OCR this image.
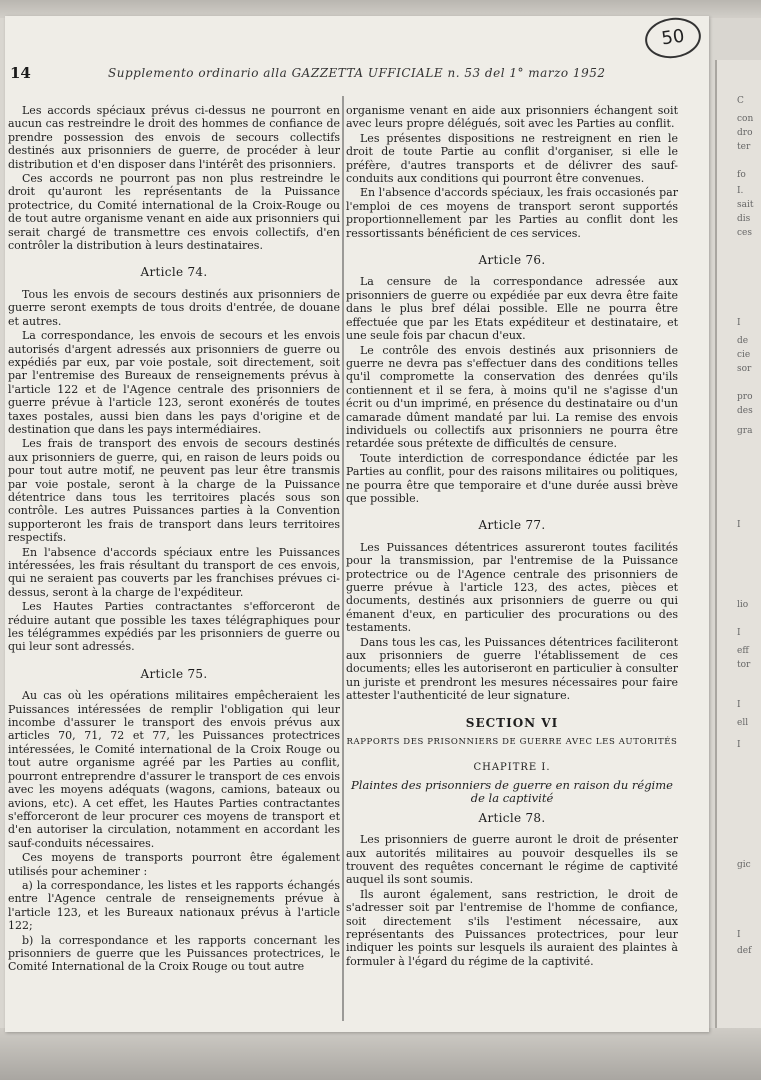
50
14	Supplemento ordinario alla GAZZETTA UFFICIALE n. 53 del 1° marzo 1952

Les accords spéciaux prévus ci-dessus ne pourront en aucun cas restreindre le droit des hommes de confiance de prendre possession des envois de secours collectifs destinés aux prisonniers de guerre, de procéder à leur distribution et d'en disposer dans l'intérêt des prisonniers.

Ces accords ne pourront pas non plus restreindre le droit qu'auront les représentants de la Puissance protectrice, du Comité international de la Croix-Rouge ou de tout autre organisme venant en aide aux prisonniers qui serait chargé de transmettre ces envois collectifs, d'en contrôler la distribution à leurs destinataires.

Article 74.

Tous les envois de secours destinés aux prisonniers de guerre seront exempts de tous droits d'entrée, de douane et autres.

La correspondance, les envois de secours et les envois autorisés d'argent adressés aux prisonniers de guerre ou expédiés par eux, par voie postale, soit directement, soit par l'entremise des Bureaux de renseignements prévus à l'article 122 et de l'Agence centrale des prisonniers de guerre prévue à l'article 123, seront exonérés de toutes taxes postales, aussi bien dans les pays d'origine et de destination que dans les pays intermédiaires.

Les frais de transport des envois de secours destinés aux prisonniers de guerre, qui, en raison de leurs poids ou pour tout autre motif, ne peuvent pas leur être transmis par voie postale, seront à la charge de la Puissance détentrice dans tous les territoires placés sous son contrôle. Les autres Puissances parties à la Convention supporteront les frais de transport dans leurs territoires respectifs.

En l'absence d'accords spéciaux entre les Puissances intéressées, les frais résultant du transport de ces envois, qui ne seraient pas couverts par les franchises prévues ci-dessus, seront à la charge de l'expéditeur.

Les Hautes Parties contractantes s'efforceront de réduire autant que possible les taxes télégraphiques pour les télégrammes expédiés par les prisonniers de guerre ou qui leur sont adressés.

Article 75.

Au cas où les opérations militaires empêcheraient les Puissances intéressées de remplir l'obligation qui leur incombe d'assurer le transport des envois prévus aux articles 70, 71, 72 et 77, les Puissances protectrices intéressées, le Comité international de la Croix Rouge ou tout autre organisme agréé par les Parties au conflit, pourront entreprendre d'assurer le transport de ces envois avec les moyens adéquats (wagons, camions, bateaux ou avions, etc). A cet effet, les Hautes Parties contractantes s'efforceront de leur procurer ces moyens de transport et d'en autoriser la circulation, notamment en accordant les sauf-conduits nécessaires.

Ces moyens de transports pourront être également utilisés pour acheminer :

a) la correspondance, les listes et les rapports échangés entre l'Agence centrale de renseignements prévue à l'article 123, et les Bureaux nationaux prévus à l'article 122;

b) la correspondance et les rapports concernant les prisonniers de guerre que les Puissances protectrices, le Comité International de la Croix Rouge ou tout autre

organisme venant en aide aux prisonniers échangent soit avec leurs propre délégués, soit avec les Parties au conflit.

Les présentes dispositions ne restreignent en rien le droit de toute Partie au conflit d'organiser, si elle le préfère, d'autres transports et de délivrer des sauf-conduits aux conditions qui pourront être convenues.

En l'absence d'accords spéciaux, les frais occasionés par l'emploi de ces moyens de transport seront supportés proportionnellement par les Parties au conflit dont les ressortissants bénéficient de ces services.

Article 76.

La censure de la correspondance adressée aux prisonniers de guerre ou expédiée par eux devra être faite dans le plus bref délai possible. Elle ne pourra être effectuée que par les Etats expéditeur et destinataire, et une seule fois par chacun d'eux.

Le contrôle des envois destinés aux prisonniers de guerre ne devra pas s'effectuer dans des conditions telles qu'il compromette la conservation des denrées qu'ils contiennent et il se fera, à moins qu'il ne s'agisse d'un écrit ou d'un imprimé, en présence du destinataire ou d'un camarade dûment mandaté par lui. La remise des envois individuels ou collectifs aux prisonniers ne pourra être retardée sous prétexte de difficultés de censure.

Toute interdiction de correspondance édictée par les Parties au conflit, pour des raisons militaires ou politiques, ne pourra être que temporaire et d'une durée aussi brève que possible.

Article 77.

Les Puissances détentrices assureront toutes facilités pour la transmission, par l'entremise de la Puissance protectrice ou de l'Agence centrale des prisonniers de guerre prévue à l'article 123, des actes, pièces et documents, destinés aux prisonniers de guerre ou qui émanent d'eux, en particulier des procurations ou des testaments.

Dans tous les cas, les Puissances détentrices faciliteront aux prisonniers de guerre l'établissement de ces documents; elles les autoriseront en particulier à consulter un juriste et prendront les mesures nécessaires pour faire attester l'authenticité de leur signature.

SECTION VI
RAPPORTS DES PRISONNIERS DE GUERRE AVEC LES AUTORITÉS
CHAPITRE I.
Plaintes des prisonniers de guerre en raison du régime de la captivité
Article 78.

Les prisonniers de guerre auront le droit de présenter aux autorités militaires au pouvoir desquelles ils se trouvent des requêtes concernant le régime de captivité auquel ils sont soumis.

Ils auront également, sans restriction, le droit de s'adresser soit par l'entremise de l'homme de confiance, soit directement s'ils l'estiment nécessaire, aux représentants des Puissances protectrices, pour leur indiquer les points sur lesquels ils auraient des plaintes à formuler à l'égard du régime de la captivité.

C
con
dro
ter
fo
I.
sait
dis
ces
I
de
cie
sor
pro
des
gra
I
lio
I
eff
tor
I
ell
I
gic
I
def
